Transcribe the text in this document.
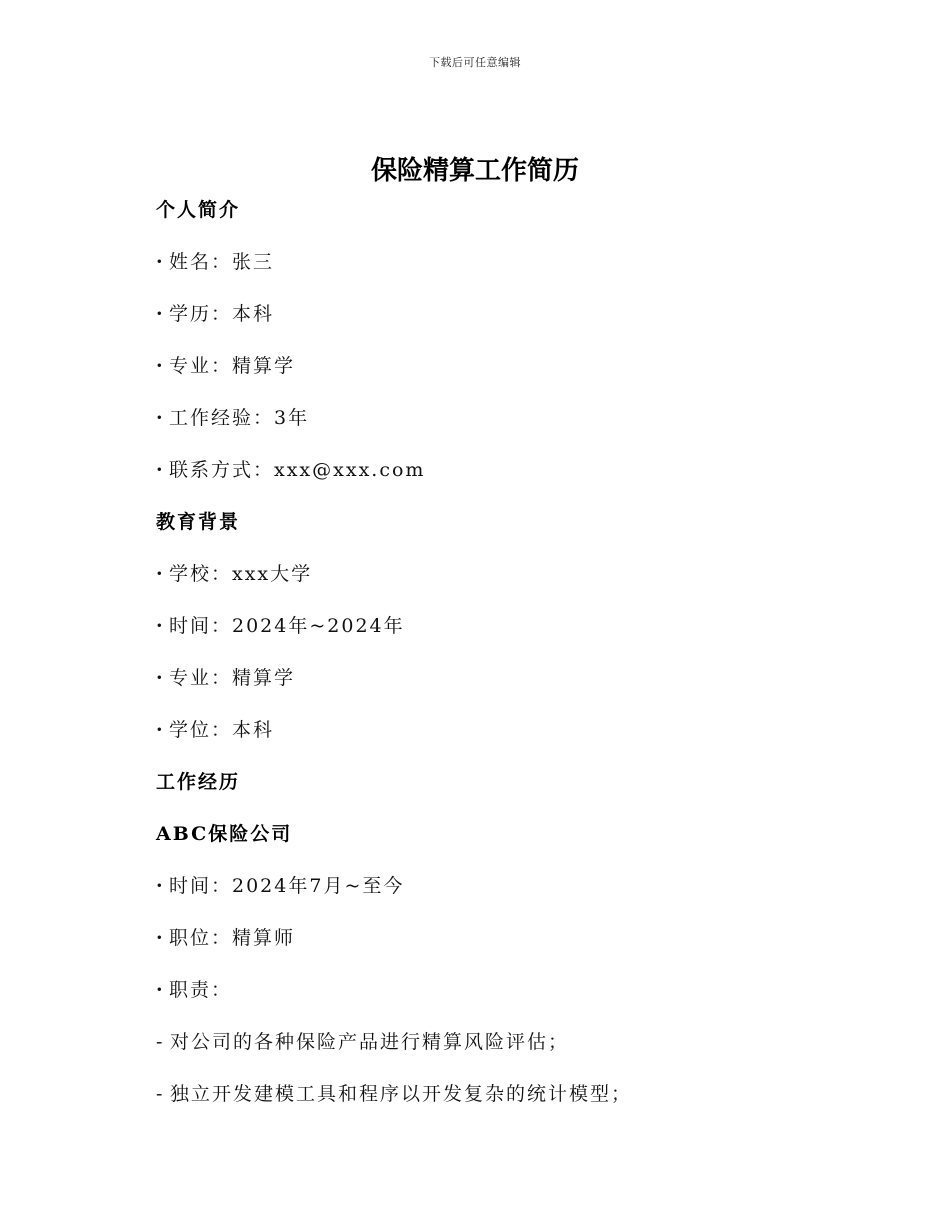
下载后可任意编辑
保险精算工作简历
个人简介
· 姓名：张三
· 学历：本科
· 专业：精算学
· 工作经验：3年
· 联系方式：xxx@xxx.com
教育背景
· 学校：xxx大学
· 时间：2024年~2024年
· 专业：精算学
· 学位：本科
工作经历
ABC保险公司
· 时间：2024年7月~至今
· 职位：精算师
· 职责：
- 对公司的各种保险产品进行精算风险评估；
- 独立开发建模工具和程序以开发复杂的统计模型；
